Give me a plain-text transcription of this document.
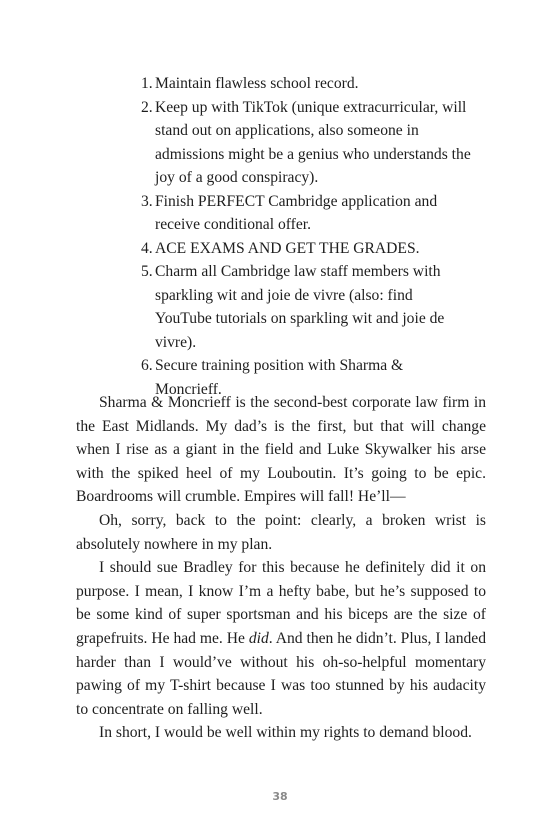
1. Maintain flawless school record.
2. Keep up with TikTok (unique extracurricular, will stand out on applications, also someone in admissions might be a genius who understands the joy of a good conspiracy).
3. Finish PERFECT Cambridge application and receive conditional offer.
4. ACE EXAMS AND GET THE GRADES.
5. Charm all Cambridge law staff members with sparkling wit and joie de vivre (also: find YouTube tutorials on sparkling wit and joie de vivre).
6. Secure training position with Sharma & Moncrieff.

Sharma & Moncrieff is the second-best corporate law firm in the East Midlands. My dad’s is the first, but that will change when I rise as a giant in the field and Luke Skywalker his arse with the spiked heel of my Louboutin. It’s going to be epic. Boardrooms will crumble. Empires will fall! He’ll—

Oh, sorry, back to the point: clearly, a broken wrist is absolutely nowhere in my plan.

I should sue Bradley for this because he definitely did it on purpose. I mean, I know I’m a hefty babe, but he’s supposed to be some kind of super sportsman and his biceps are the size of grapefruits. He had me. He did. And then he didn’t. Plus, I landed harder than I would’ve without his oh-so-helpful momentary pawing of my T-shirt because I was too stunned by his audacity to concentrate on falling well.

In short, I would be well within my rights to demand blood.

38
